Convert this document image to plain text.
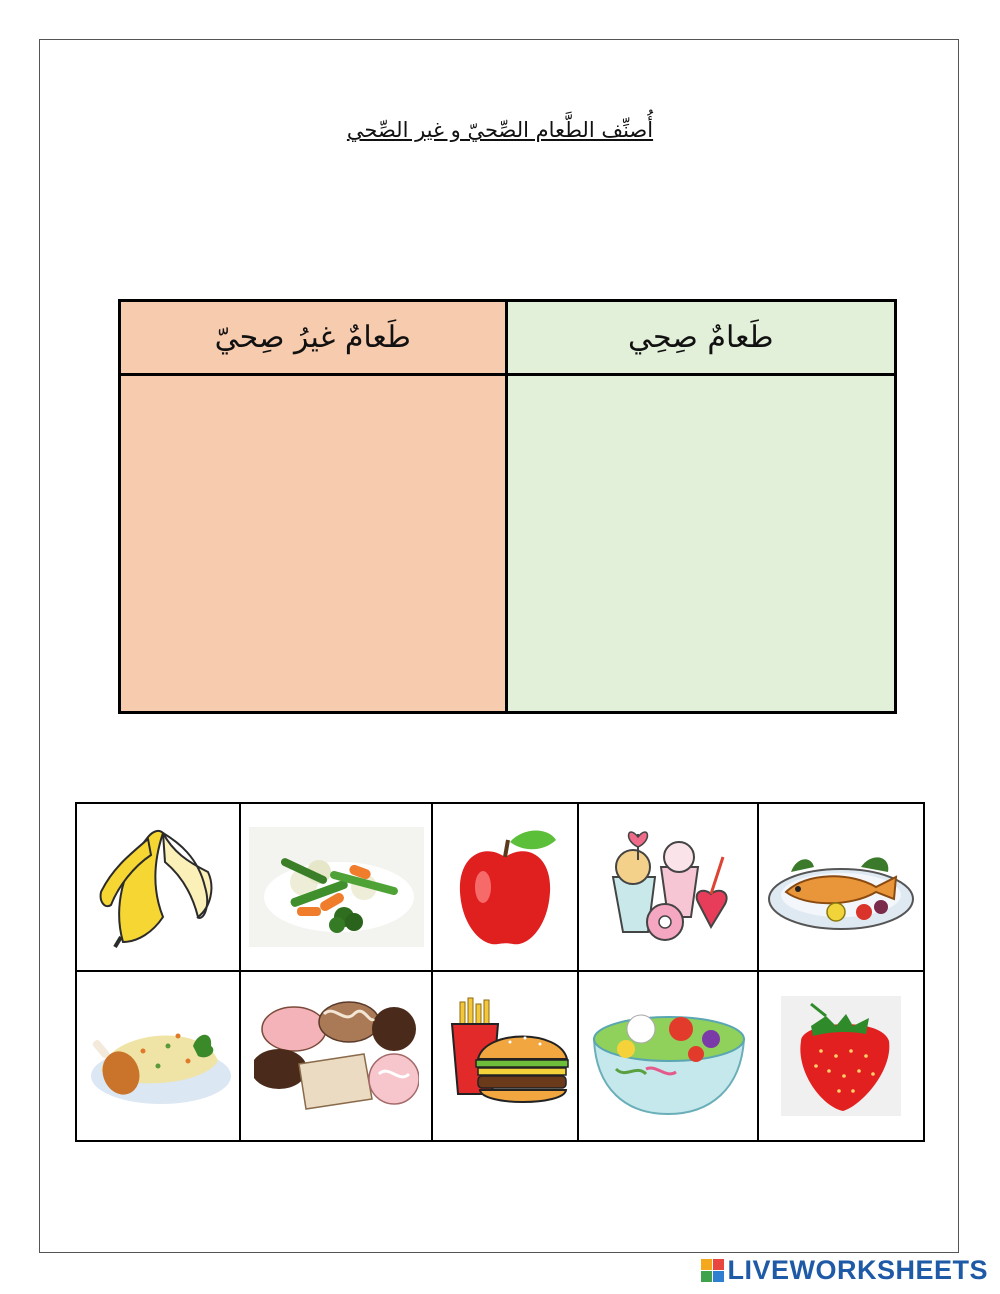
أُصنِّف الطَّعام الصِّحيّ و غير الصِّحي
طَعامٌ غيرُ صِحيّ	طَعامٌ صِحِي
LIVEWORKSHEETS
